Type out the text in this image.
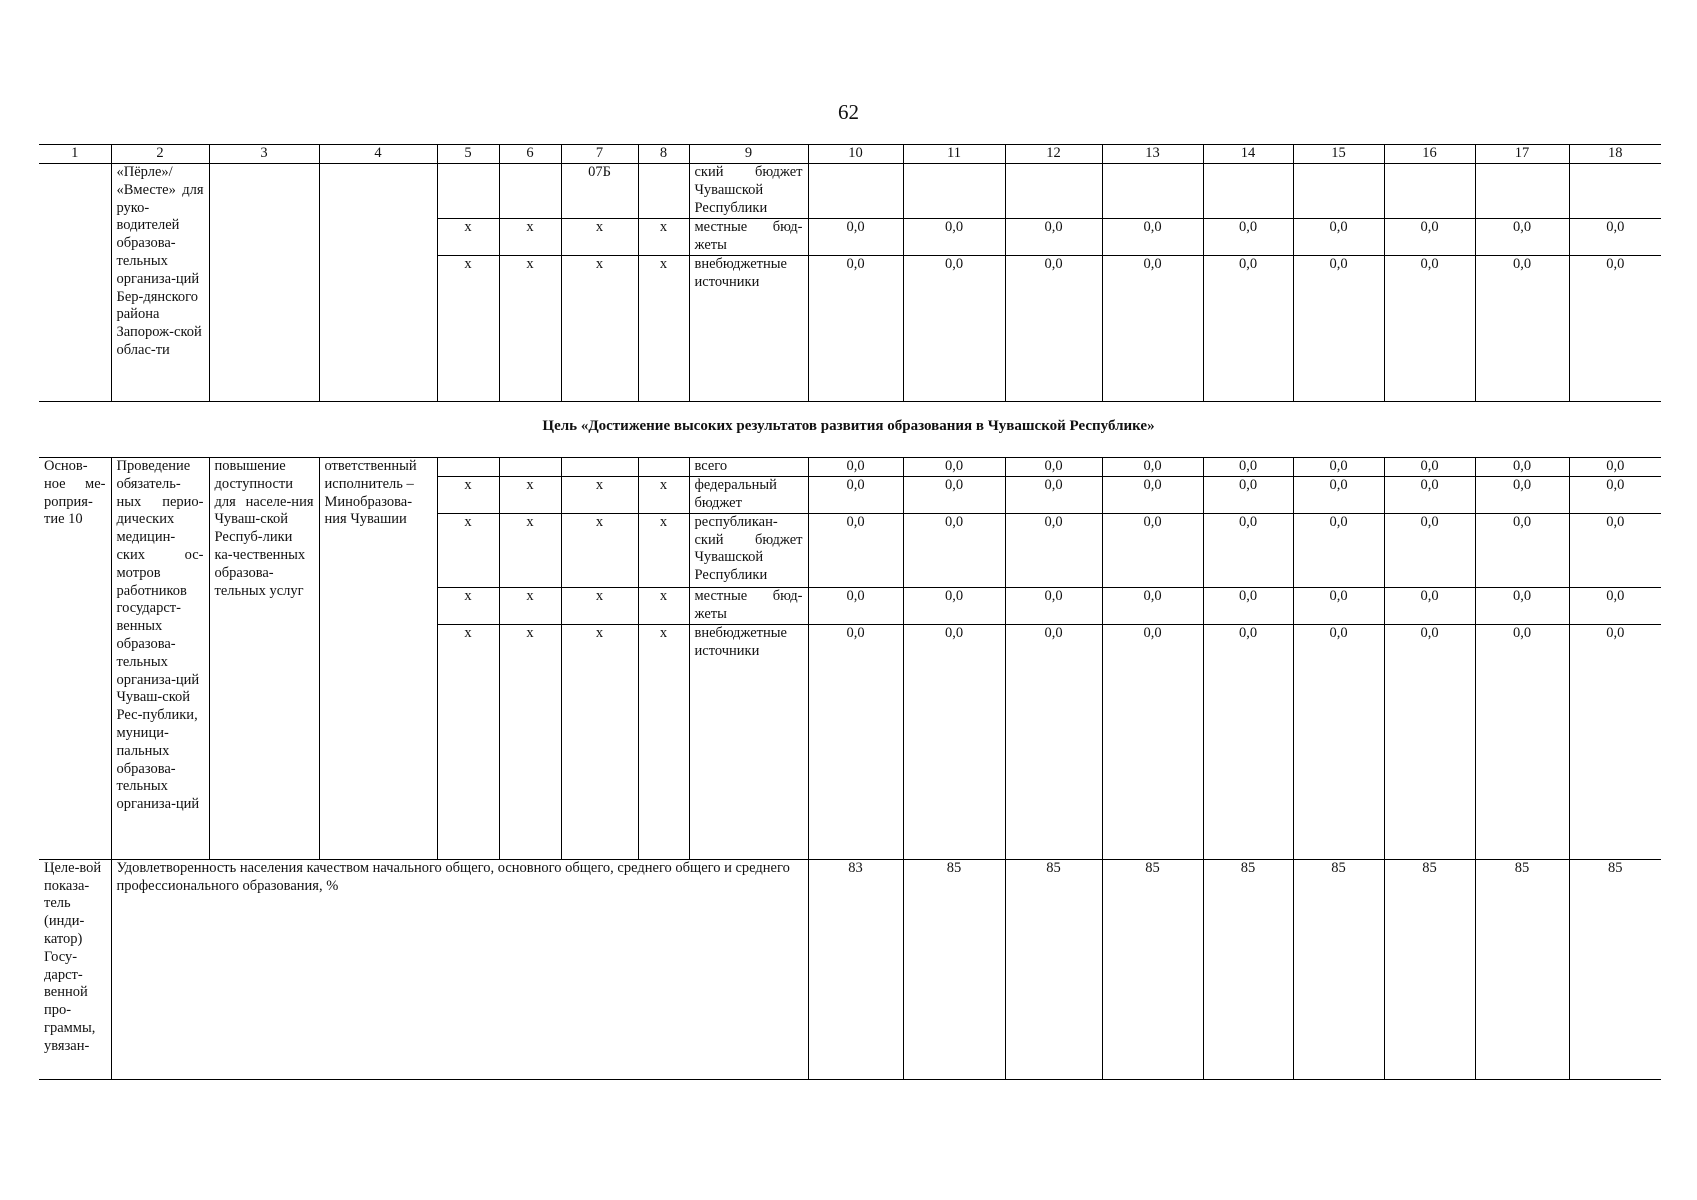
62
1	2	3	4	5	6	7	8	9	10	11	12	13	14	15	16	17	18
	«Пёрле»/ «Вместе» для руко-водителей образова-тельных организа-ций Бер-дянского района Запорож-ской облас-ти					07Б		ский бюджет Чувашской Республики									
				x	x	x	x	местные бюд-жеты	0,0	0,0	0,0	0,0	0,0	0,0	0,0	0,0	0,0
				x	x	x	x	внебюджетные источники	0,0	0,0	0,0	0,0	0,0	0,0	0,0	0,0	0,0
Цель «Достижение высоких результатов развития образования в Чувашской Республике»
Основ-ное ме-роприя-тие 10	Проведение обязатель-ных перио-дических медицин-ских ос-мотров работников государст-венных образова-тельных организа-ций Чуваш-ской Рес-публики, муници-пальных образова-тельных организа-ций	повышение доступности для населе-ния Чуваш-ской Респуб-лики ка-чественных образова-тельных услуг	ответственный исполнитель – Минобразова-ния Чувашии					всего	0,0	0,0	0,0	0,0	0,0	0,0	0,0	0,0	0,0
				x	x	x	x	федеральный бюджет	0,0	0,0	0,0	0,0	0,0	0,0	0,0	0,0	0,0
				x	x	x	x	республикан-ский бюджет Чувашской Республики	0,0	0,0	0,0	0,0	0,0	0,0	0,0	0,0	0,0
				x	x	x	x	местные бюд-жеты	0,0	0,0	0,0	0,0	0,0	0,0	0,0	0,0	0,0
				x	x	x	x	внебюджетные источники	0,0	0,0	0,0	0,0	0,0	0,0	0,0	0,0	0,0
Целе-вой показа-тель (инди-катор) Госу-дарст-венной про-граммы, увязан-	Удовлетворенность населения качеством начального общего, основного общего, среднего общего и среднего профессионального образования, %								83	85	85	85	85	85	85	85	85
